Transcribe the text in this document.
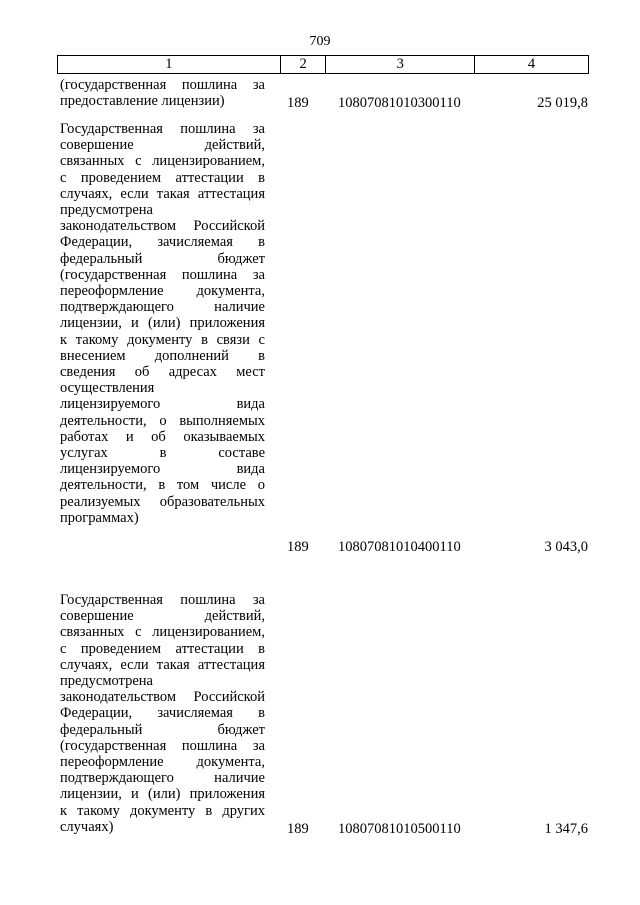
709
1	2	3	4
(государственная пошлина за
предоставление лицензии)	189	10807081010300110	25 019,8
Государственная пошлина за
совершение действий,
связанных с лицензированием,
с проведением аттестации в
случаях, если такая аттестация
предусмотрена
законодательством Российской
Федерации, зачисляемая в
федеральный бюджет
(государственная пошлина за
переоформление документа,
подтверждающего наличие
лицензии, и (или) приложения
к такому документу в связи с
внесением дополнений в
сведения об адресах мест
осуществления
лицензируемого вида
деятельности, о выполняемых
работах и об оказываемых
услугах в составе
лицензируемого вида
деятельности, в том числе о
реализуемых образовательных
программах)
189	10807081010400110	3 043,0
Государственная пошлина за
совершение действий,
связанных с лицензированием,
с проведением аттестации в
случаях, если такая аттестация
предусмотрена
законодательством Российской
Федерации, зачисляемая в
федеральный бюджет
(государственная пошлина за
переоформление документа,
подтверждающего наличие
лицензии, и (или) приложения
к такому документу в других
случаях)	189	10807081010500110	1 347,6
